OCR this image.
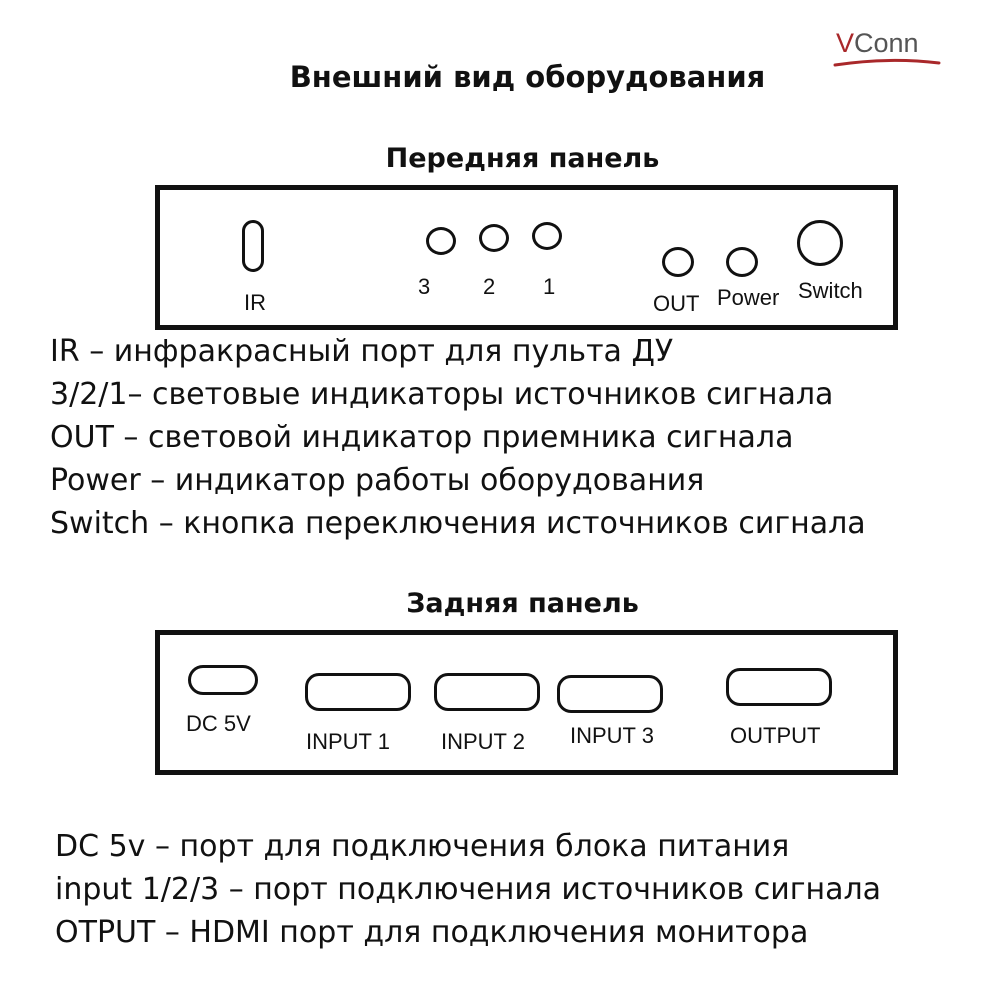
VConn
Внешний вид оборудования
Передняя панель
IR
3 2 1
OUT Power Switch
IR – инфракрасный порт для пульта ДУ
3/2/1– световые индикаторы источников сигнала
OUT – световой индикатор приемника сигнала
Power – индикатор работы оборудования
Switch – кнопка переключения источников сигнала
Задняя панель
DC 5V
INPUT 1 INPUT 2 INPUT 3	OUTPUT
DC 5v – порт для подключения блока питания
input 1/2/3 – порт подключения источников сигнала
OTPUT – HDMI порт для подключения монитора
